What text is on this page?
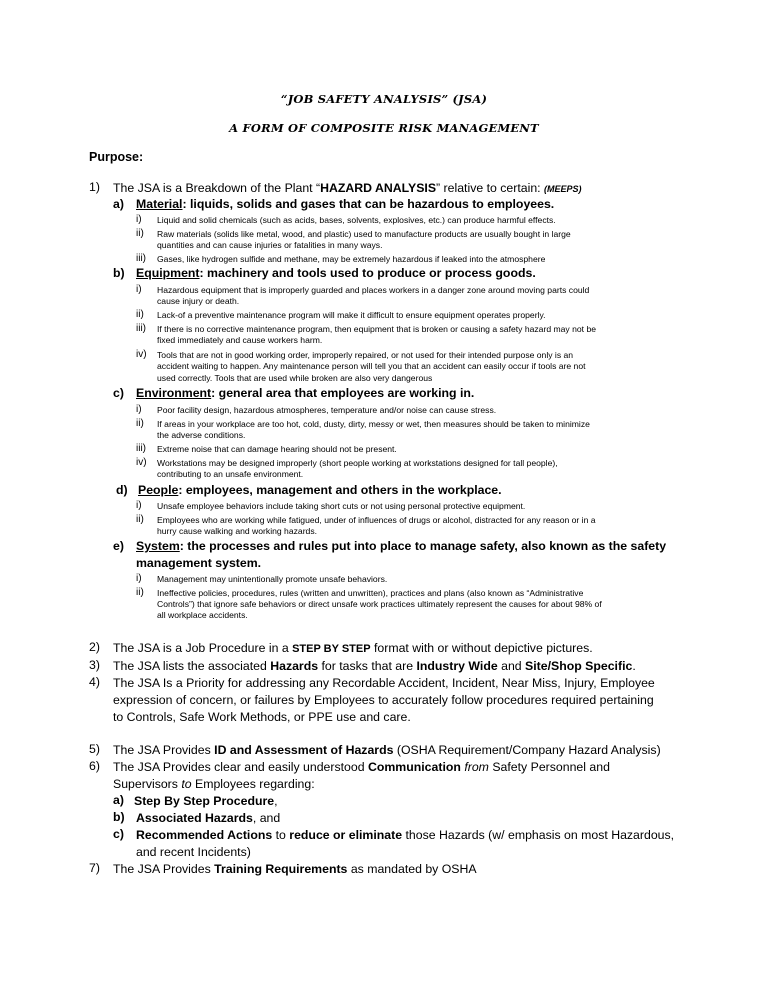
“JOB SAFETY ANALYSIS” (JSA)
A FORM OF COMPOSITE RISK MANAGEMENT
Purpose:
1) The JSA is a Breakdown of the Plant “HAZARD ANALYSIS” relative to certain: (MEEPS)
a) Material: liquids, solids and gases that can be hazardous to employees.
i) Liquid and solid chemicals (such as acids, bases, solvents, explosives, etc.) can produce harmful effects.
ii) Raw materials (solids like metal, wood, and plastic) used to manufacture products are usually bought in large
quantities and can cause injuries or fatalities in many ways.
iii) Gases, like hydrogen sulfide and methane, may be extremely hazardous if leaked into the atmosphere
b) Equipment: machinery and tools used to produce or process goods.
i) Hazardous equipment that is improperly guarded and places workers in a danger zone around moving parts could
cause injury or death.
ii) Lack-of a preventive maintenance program will make it difficult to ensure equipment operates properly.
iii) If there is no corrective maintenance program, then equipment that is broken or causing a safety hazard may not be
fixed immediately and cause workers harm.
iv) Tools that are not in good working order, improperly repaired, or not used for their intended purpose only is an
accident waiting to happen. Any maintenance person will tell you that an accident can easily occur if tools are not
used correctly. Tools that are used while broken are also very dangerous
c) Environment: general area that employees are working in.
i) Poor facility design, hazardous atmospheres, temperature and/or noise can cause stress.
ii) If areas in your workplace are too hot, cold, dusty, dirty, messy or wet, then measures should be taken to minimize
the adverse conditions.
iii) Extreme noise that can damage hearing should not be present.
iv) Workstations may be designed improperly (short people working at workstations designed for tall people),
contributing to an unsafe environment.
d) People: employees, management and others in the workplace.
i) Unsafe employee behaviors include taking short cuts or not using personal protective equipment.
ii) Employees who are working while fatigued, under of influences of drugs or alcohol, distracted for any reason or in a
hurry cause walking and working hazards.
e) System: the processes and rules put into place to manage safety, also known as the safety
management system.
i) Management may unintentionally promote unsafe behaviors.
ii) Ineffective policies, procedures, rules (written and unwritten), practices and plans (also known as “Administrative
Controls”) that ignore safe behaviors or direct unsafe work practices ultimately represent the causes for about 98% of
all workplace accidents.
2) The JSA is a Job Procedure in a STEP BY STEP format with or without depictive pictures.
3) The JSA lists the associated Hazards for tasks that are Industry Wide and Site/Shop Specific.
4) The JSA Is a Priority for addressing any Recordable Accident, Incident, Near Miss, Injury, Employee
expression of concern, or failures by Employees to accurately follow procedures required pertaining
to Controls, Safe Work Methods, or PPE use and care.
5) The JSA Provides ID and Assessment of Hazards (OSHA Requirement/Company Hazard Analysis)
6) The JSA Provides clear and easily understood Communication from Safety Personnel and
Supervisors to Employees regarding:
a) Step By Step Procedure,
b) Associated Hazards, and
c) Recommended Actions to reduce or eliminate those Hazards (w/ emphasis on most Hazardous,
and recent Incidents)
7) The JSA Provides Training Requirements as mandated by OSHA
